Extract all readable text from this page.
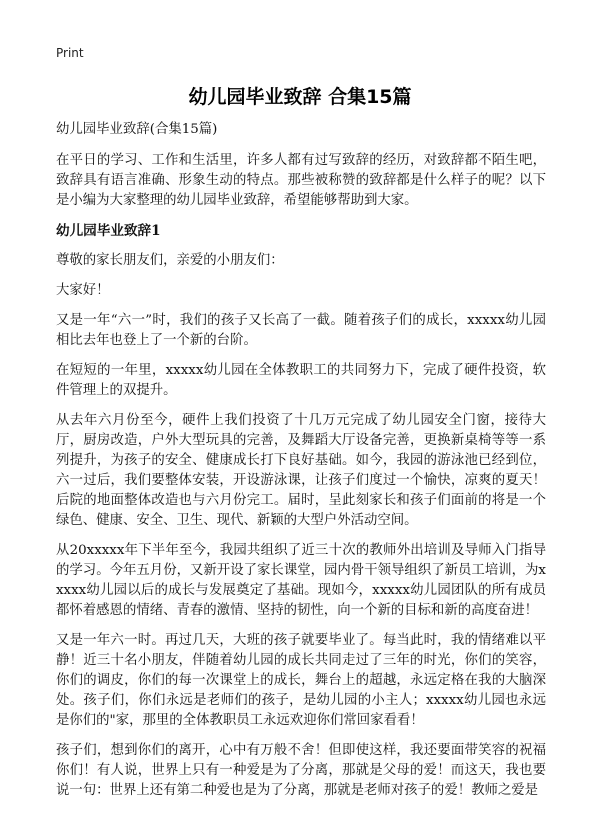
Print
幼儿园毕业致辞 合集15篇

幼儿园毕业致辞(合集15篇)

在平日的学习、工作和生活里，许多人都有过写致辞的经历，对致辞都不陌生吧，致辞具有语言准确、形象生动的特点。那些被称赞的致辞都是什么样子的呢？以下是小编为大家整理的幼儿园毕业致辞，希望能够帮助到大家。

幼儿园毕业致辞1

尊敬的家长朋友们，亲爱的小朋友们：

大家好！

又是一年“六一”时，我们的孩子又长高了一截。随着孩子们的成长，xxxxx幼儿园相比去年也登上了一个新的台阶。

在短短的一年里，xxxxx幼儿园在全体教职工的共同努力下，完成了硬件投资，软件管理上的双提升。

从去年六月份至今，硬件上我们投资了十几万元完成了幼儿园安全门窗，接待大厅，厨房改造，户外大型玩具的完善，及舞蹈大厅设备完善，更换新桌椅等等一系列提升，为孩子的安全、健康成长打下良好基础。如今，我园的游泳池已经到位，六一过后，我们要整体安装，开设游泳课，让孩子们度过一个愉快，凉爽的夏天！后院的地面整体改造也与六月份完工。届时，呈此刻家长和孩子们面前的将是一个绿色、健康、安全、卫生、现代、新颖的大型户外活动空间。

从20xxxxx年下半年至今，我园共组织了近三十次的教师外出培训及导师入门指导的学习。今年五月份，又新开设了家长课堂，园内骨干领导组织了新员工培训，为xxxxx幼儿园以后的成长与发展奠定了基础。现如今，xxxxx幼儿园团队的所有成员都怀着感恩的情绪、青春的激情、坚持的韧性，向一个新的目标和新的高度奋进！

又是一年六一时。再过几天，大班的孩子就要毕业了。每当此时，我的情绪难以平静！近三十名小朋友，伴随着幼儿园的成长共同走过了三年的时光，你们的笑容，你们的调皮，你们的每一次课堂上的成长，舞台上的超越，永远定格在我的大脑深处。孩子们，你们永远是老师们的孩子，是幼儿园的小主人；xxxxx幼儿园也永远是你们的"家，那里的全体教职员工永远欢迎你们常回家看看！

孩子们，想到你们的离开，心中有万般不舍！但即使这样，我还要面带笑容的祝福你们！有人说，世界上只有一种爱是为了分离，那就是父母的爱！而这天，我也要说一句：世界上还有第二种爱也是为了分离，那就是老师对孩子的爱！教师之爱是
